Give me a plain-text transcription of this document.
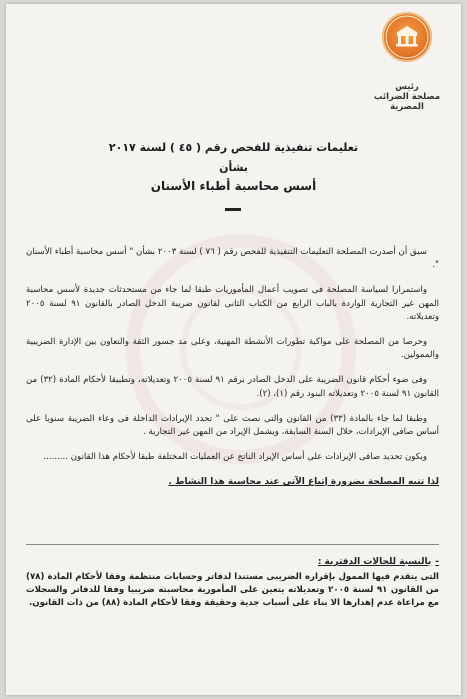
رئيس
مصلحة الضرائب المصرية
تعليمات تنفيذية للفحص رقم ( ٤٥ ) لسنة ٢٠١٧
بشأن
أسس محاسبة أطباء الأسنان

سبق أن أصدرت المصلحة التعليمات التنفيذية للفحص رقم ( ٧٦ ) لسنة ٢٠٠٣ بشأن " أسس محاسبة أطباء الأسنان ".

واستمرارا لسياسة المصلحة فى تصويب أعمال المأموريات طبقا لما جاء من مستحدثات جديدة لأسس محاسبة المهن غير التجارية الواردة بالباب الرابع من الكتاب الثانى لقانون ضريبة الدخل الصادر بالقانون ٩١ لسنة ٢٠٠٥ وتعديلاته.

وحرصا من المصلحة على مواكبة تطورات الأنشطة المهنية، وعلى مد جسور الثقة والتعاون بين الإدارة الضريبية والممولين.

وفى ضوء أحكام قانون الضريبة على الدخل الصادر برقم ٩١ لسنة ٢٠٠٥ وتعديلاته، وتطبيقا لأحكام المادة (٣٢) من القانون ٩١ لسنة ٢٠٠٥ وتعديلاته البنود رقم (١)، (٢).

وطبقا لما جاء بالمادة (٣٣) من القانون والتى نصت على " تحدد الإيرادات الداخلة فى وعاء الضريبة سنويا على أساس صافى الإيرادات، خلال السنة السابقة، ويشمل الإيراد من المهن غير التجارية .

ويكون تحديد صافى الإيرادات على أساس الإيراد الناتج عن العمليات المختلفة طبقا لأحكام هذا القانون .........

لذا تنبه المصلحة بضرورة إتباع الآتى عند محاسبة هذا النشاط .
-بالنسبة للحالات الدفترية :
التى يتقدم فيها الممول بإقراره الضريبى مستندا لدفاتر وحسابات منتظمة وفقا لأحكام المادة (٧٨) من القانون ٩١ لسنة ٢٠٠٥ وتعديلاته يتعين على المأمورية محاسبته ضريبيا وفقا للدفاتر والسجلات مع مراعاة عدم إهدارها الا بناء على أسباب جدية وحقيقة وفقا لأحكام المادة (٨٨) من ذات القانون.
